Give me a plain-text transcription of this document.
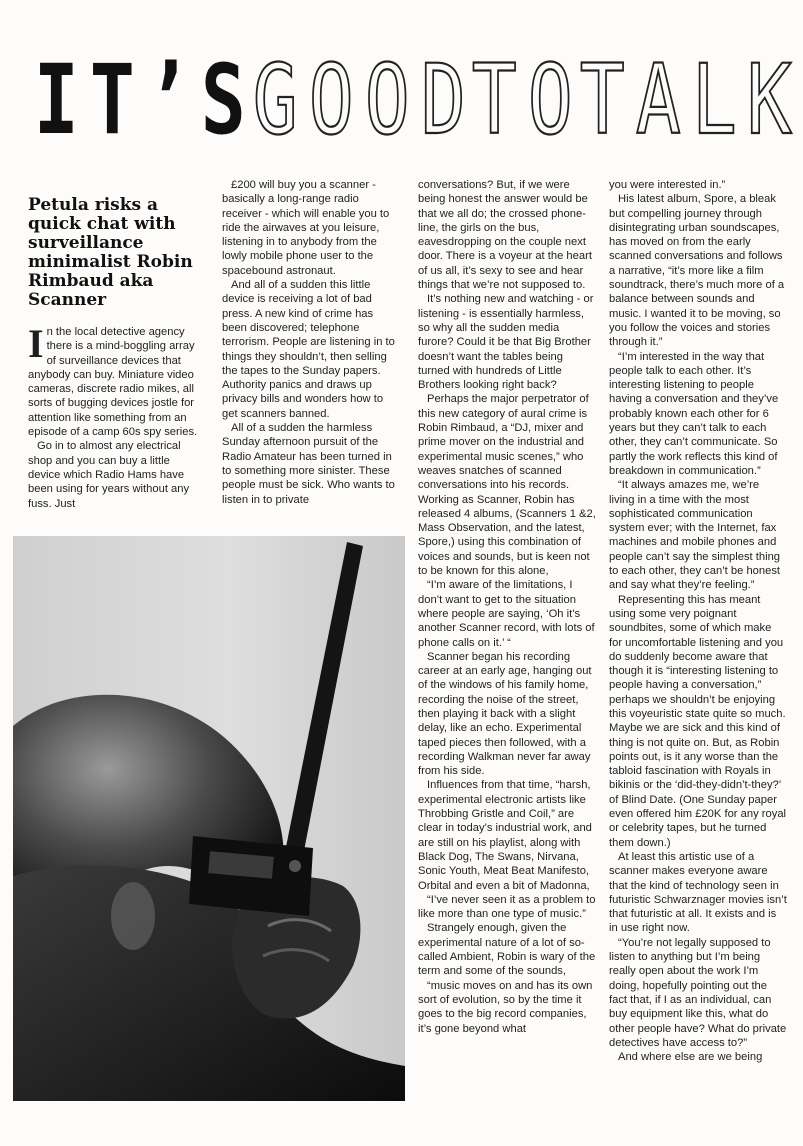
I T ’ S G O O D T O T A L K
Petula risks a quick chat with surveillance minimalist Robin Rimbaud aka Scanner

In the local detective agency there is a mind-boggling array of surveillance devices that anybody can buy. Miniature video cameras, discrete radio mikes, all sorts of bugging devices jostle for attention like something from an episode of a camp 60s spy series.

Go in to almost any electrical shop and you can buy a little device which Radio Hams have been using for years without any fuss. Just

£200 will buy you a scanner - basically a long-range radio receiver - which will enable you to ride the airwaves at you leisure, listening in to anybody from the lowly mobile phone user to the spacebound astronaut.

And all of a sudden this little device is receiving a lot of bad press. A new kind of crime has been discovered; telephone terrorism. People are listening in to things they shouldn’t, then selling the tapes to the Sunday papers. Authority panics and draws up privacy bills and wonders how to get scanners banned.

All of a sudden the harmless Sunday afternoon pursuit of the Radio Amateur has been turned in to something more sinister. These people must be sick. Who wants to listen in to private

conversations? But, if we were being honest the answer would be that we all do; the crossed phone-line, the girls on the bus, eavesdropping on the couple next door. There is a voyeur at the heart of us all, it’s sexy to see and hear things that we’re not supposed to.

It’s nothing new and watching - or listening - is essentially harmless, so why all the sudden media furore? Could it be that Big Brother doesn’t want the tables being turned with hundreds of Little Brothers looking right back?

Perhaps the major perpetrator of this new category of aural crime is Robin Rimbaud, a “DJ, mixer and prime mover on the industrial and experimental music scenes,” who weaves snatches of scanned conversations into his records. Working as Scanner, Robin has released 4 albums, (Scanners 1 &2, Mass Observation, and the latest, Spore,) using this combination of voices and sounds, but is keen not to be known for this alone,

“I’m aware of the limitations, I don’t want to get to the situation where people are saying, ‘Oh it’s another Scanner record, with lots of phone calls on it.’ “

Scanner began his recording career at an early age, hanging out of the windows of his family home, recording the noise of the street, then playing it back with a slight delay, like an echo. Experimental taped pieces then followed, with a recording Walkman never far away from his side.

Influences from that time, “harsh, experimental electronic artists like Throbbing Gristle and Coil,” are clear in today’s industrial work, and are still on his playlist, along with Black Dog, The Swans, Nirvana, Sonic Youth, Meat Beat Manifesto, Orbital and even a bit of Madonna,

“I’ve never seen it as a problem to like more than one type of music.”

Strangely enough, given the experimental nature of a lot of so-called Ambient, Robin is wary of the term and some of the sounds,

“music moves on and has its own sort of evolution, so by the time it goes to the big record companies, it’s gone beyond what

you were interested in.”

His latest album, Spore, a bleak but compelling journey through disintegrating urban soundscapes, has moved on from the early scanned conversations and follows a narrative, “it’s more like a film soundtrack, there’s much more of a balance between sounds and music. I wanted it to be moving, so you follow the voices and stories through it.”

“I’m interested in the way that people talk to each other. It’s interesting listening to people having a conversation and they’ve probably known each other for 6 years but they can’t talk to each other, they can’t communicate. So partly the work reflects this kind of breakdown in communication.”

“It always amazes me, we’re living in a time with the most sophisticated communication system ever; with the Internet, fax machines and mobile phones and people can’t say the simplest thing to each other, they can’t be honest and say what they’re feeling.”

Representing this has meant using some very poignant soundbites, some of which make for uncomfortable listening and you do suddenly become aware that though it is “interesting listening to people having a conversation,” perhaps we shouldn’t be enjoying this voyeuristic state quite so much. Maybe we are sick and this kind of thing is not quite on. But, as Robin points out, is it any worse than the tabloid fascination with Royals in bikinis or the ‘did-they-didn’t-they?’ of Blind Date. (One Sunday paper even offered him £20K for any royal or celebrity tapes, but he turned them down.)

At least this artistic use of a scanner makes everyone aware that the kind of technology seen in futuristic Schwarznager movies isn’t that futuristic at all. It exists and is in use right now.

“You’re not legally supposed to listen to anything but I’m being really open about the work I’m doing, hopefully pointing out the fact that, if I as an individual, can buy equipment like this, what do other people have? What do private detectives have access to?”

And where else are we being
